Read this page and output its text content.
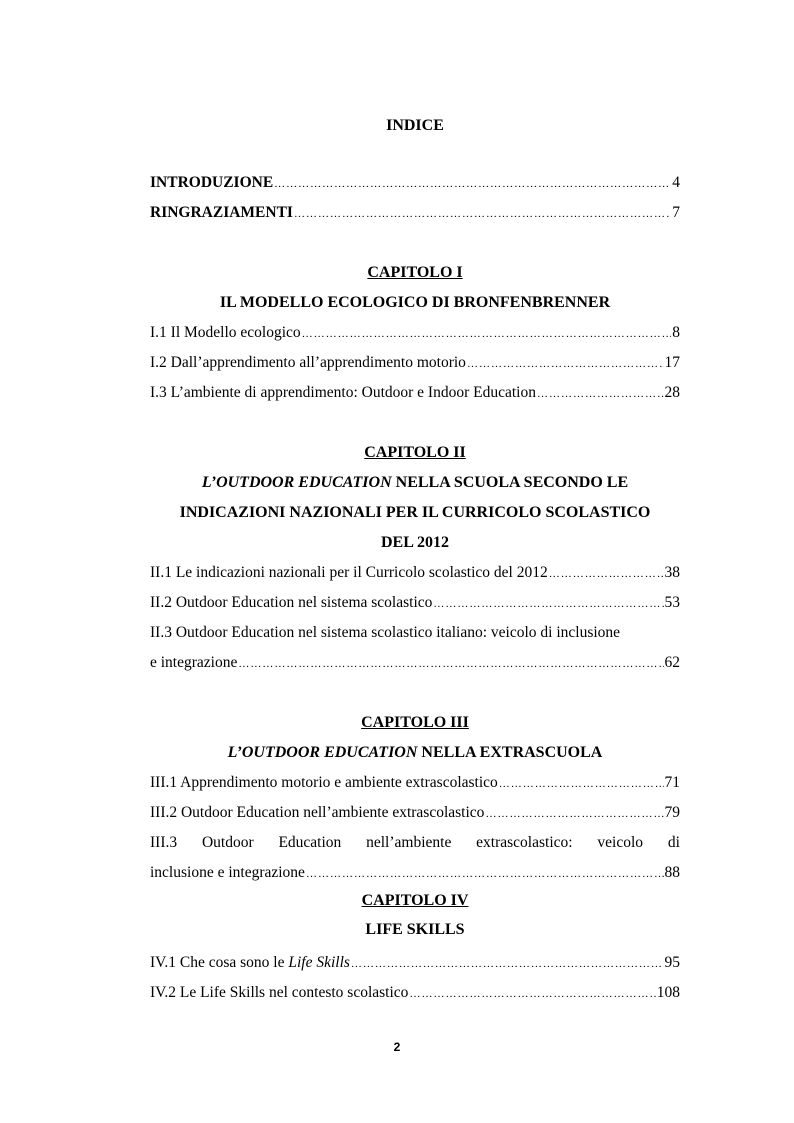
INDICE
INTRODUZIONE …………………………………………………………………………………………………………………………………………………………………………………………	4
RINGRAZIAMENTI …………………………………………………………………………………………………………………………………………………………………………………………	7
CAPITOLO I
IL MODELLO ECOLOGICO DI BRONFENBRENNER
I.1 Il Modello ecologico …………………………………………………………………………………………………………………………………………………………………………………………	8
I.2 Dall’apprendimento all’apprendimento motorio …………………………………………………………………………………………………………………………………………………………………………………………	17
I.3 L’ambiente di apprendimento: Outdoor e Indoor Education …………………………………………………………………………………………………………………………………………………………………………………………	28
CAPITOLO II
L’OUTDOOR EDUCATION NELLA SCUOLA SECONDO LE
INDICAZIONI NAZIONALI PER IL CURRICOLO SCOLASTICO
DEL 2012
II.1 Le indicazioni nazionali per il Curricolo scolastico del 2012 …………………………………………………………………………………………………………………………………………………………………………………………	38
II.2 Outdoor Education nel sistema scolastico …………………………………………………………………………………………………………………………………………………………………………………………	53
II.3 Outdoor Education nel sistema scolastico italiano: veicolo di inclusione
e integrazione …………………………………………………………………………………………………………………………………………………………………………………………	62
CAPITOLO III
L’OUTDOOR EDUCATION NELLA EXTRASCUOLA
III.1 Apprendimento motorio e ambiente extrascolastico …………………………………………………………………………………………………………………………………………………………………………………………	71
III.2 Outdoor Education nell’ambiente extrascolastico …………………………………………………………………………………………………………………………………………………………………………………………	79
III.3 Outdoor Education nell’ambiente extrascolastico: veicolo di
inclusione e integrazione …………………………………………………………………………………………………………………………………………………………………………………………	88
CAPITOLO IV
LIFE SKILLS
IV.1 Che cosa sono le Life Skills …………………………………………………………………………………………………………………………………………………………………………………………	95
IV.2 Le Life Skills nel contesto scolastico …………………………………………………………………………………………………………………………………………………………………………………………	108
2
